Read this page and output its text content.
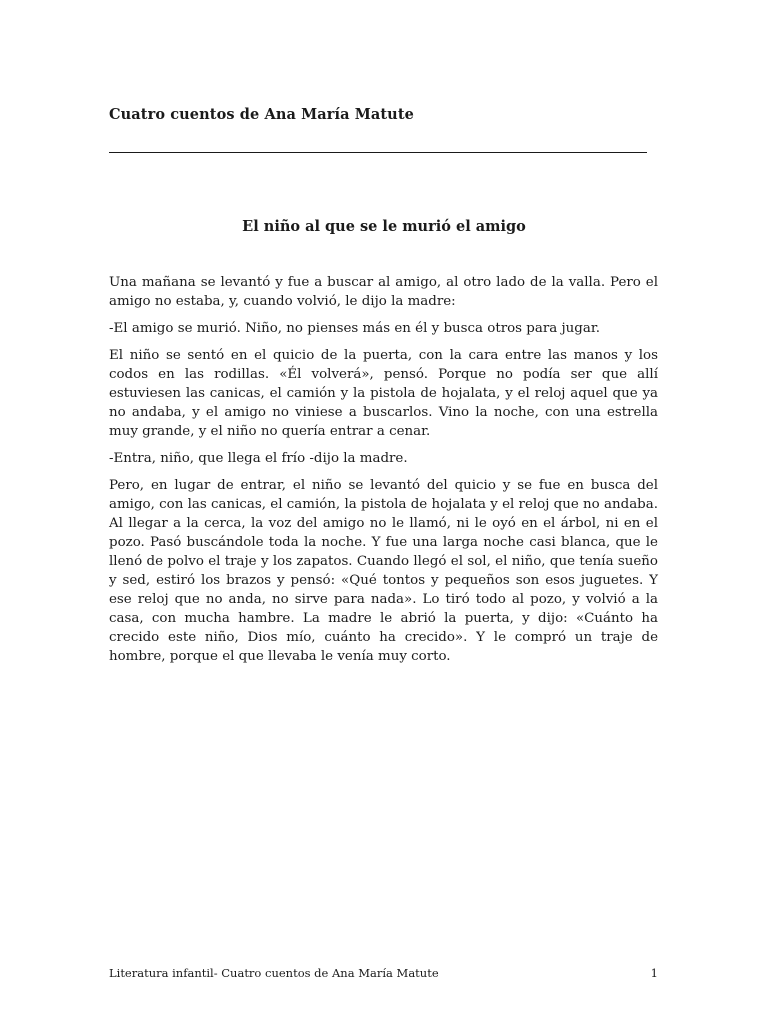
Cuatro cuentos de Ana María Matute
El niño al que se le murió el amigo

Una mañana se levantó y fue a buscar al amigo, al otro lado de la valla. Pero el amigo no estaba, y, cuando volvió, le dijo la madre:

-El amigo se murió. Niño, no pienses más en él y busca otros para jugar.

El niño se sentó en el quicio de la puerta, con la cara entre las manos y los codos en las rodillas. «Él volverá», pensó. Porque no podía ser que allí estuviesen las canicas, el camión y la pistola de hojalata, y el reloj aquel que ya no andaba, y el amigo no viniese a buscarlos. Vino la noche, con una estrella muy grande, y el niño no quería entrar a cenar.

-Entra, niño, que llega el frío -dijo la madre.

Pero, en lugar de entrar, el niño se levantó del quicio y se fue en busca del amigo, con las canicas, el camión, la pistola de hojalata y el reloj que no andaba. Al llegar a la cerca, la voz del amigo no le llamó, ni le oyó en el árbol, ni en el pozo. Pasó buscándole toda la noche. Y fue una larga noche casi blanca, que le llenó de polvo el traje y los zapatos. Cuando llegó el sol, el niño, que tenía sueño y sed, estiró los brazos y pensó: «Qué tontos y pequeños son esos juguetes. Y ese reloj que no anda, no sirve para nada». Lo tiró todo al pozo, y volvió a la casa, con mucha hambre. La madre le abrió la puerta, y dijo: «Cuánto ha crecido este niño, Dios mío, cuánto ha crecido». Y le compró un traje de hombre, porque el que llevaba le venía muy corto.

Literatura infantil- Cuatro cuentos de Ana María Matute	1
